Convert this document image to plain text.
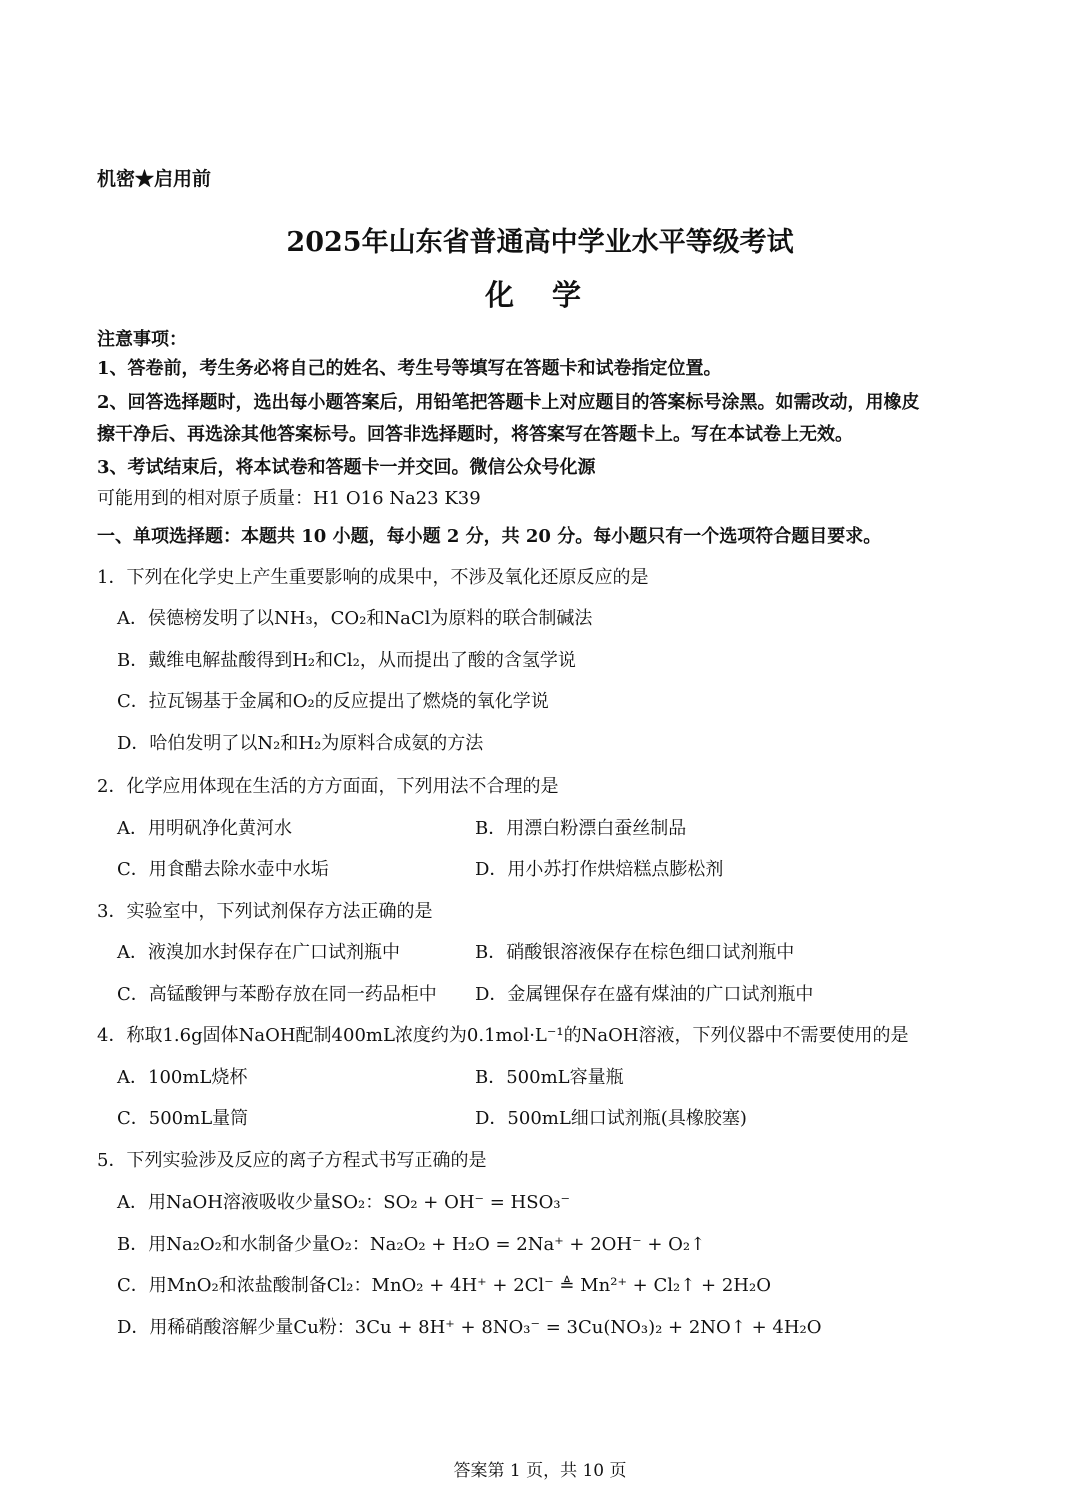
机密★启用前
2025年山东省普通高中学业水平等级考试
化 学
注意事项：
1、答卷前，考生务必将自己的姓名、考生号等填写在答题卡和试卷指定位置。
2、回答选择题时，选出每小题答案后，用铅笔把答题卡上对应题目的答案标号涂黑。如需改动，用橡皮
擦干净后、再选涂其他答案标号。回答非选择题时，将答案写在答题卡上。写在本试卷上无效。
3、考试结束后，将本试卷和答题卡一并交回。微信公众号化源
可能用到的相对原子质量：H1 O16 Na23 K39
一、单项选择题：本题共 10 小题，每小题 2 分，共 20 分。每小题只有一个选项符合题目要求。
1．下列在化学史上产生重要影响的成果中，不涉及氧化还原反应的是
A．侯德榜发明了以NH₃，CO₂和NaCl为原料的联合制碱法
B．戴维电解盐酸得到H₂和Cl₂，从而提出了酸的含氢学说
C．拉瓦锡基于金属和O₂的反应提出了燃烧的氧化学说
D．哈伯发明了以N₂和H₂为原料合成氨的方法
2．化学应用体现在生活的方方面面，下列用法不合理的是
A．用明矾净化黄河水	B．用漂白粉漂白蚕丝制品
C．用食醋去除水壶中水垢	D．用小苏打作烘焙糕点膨松剂
3．实验室中，下列试剂保存方法正确的是
A．液溴加水封保存在广口试剂瓶中	B．硝酸银溶液保存在棕色细口试剂瓶中
C．高锰酸钾与苯酚存放在同一药品柜中 D．金属锂保存在盛有煤油的广口试剂瓶中
4．称取1.6g固体NaOH配制400mL浓度约为0.1mol·L⁻¹的NaOH溶液，下列仪器中不需要使用的是
A．100mL烧杯	B．500mL容量瓶
C．500mL量筒	D．500mL细口试剂瓶(具橡胶塞)
5．下列实验涉及反应的离子方程式书写正确的是
A．用NaOH溶液吸收少量SO₂：SO₂ + OH⁻ = HSO₃⁻
B．用Na₂O₂和水制备少量O₂：Na₂O₂ + H₂O = 2Na⁺ + 2OH⁻ + O₂↑
C．用MnO₂和浓盐酸制备Cl₂：MnO₂ + 4H⁺ + 2Cl⁻ ≜ Mn²⁺ + Cl₂↑ + 2H₂O
D．用稀硝酸溶解少量Cu粉：3Cu + 8H⁺ + 8NO₃⁻ = 3Cu(NO₃)₂ + 2NO↑ + 4H₂O
答案第 1 页，共 10 页
